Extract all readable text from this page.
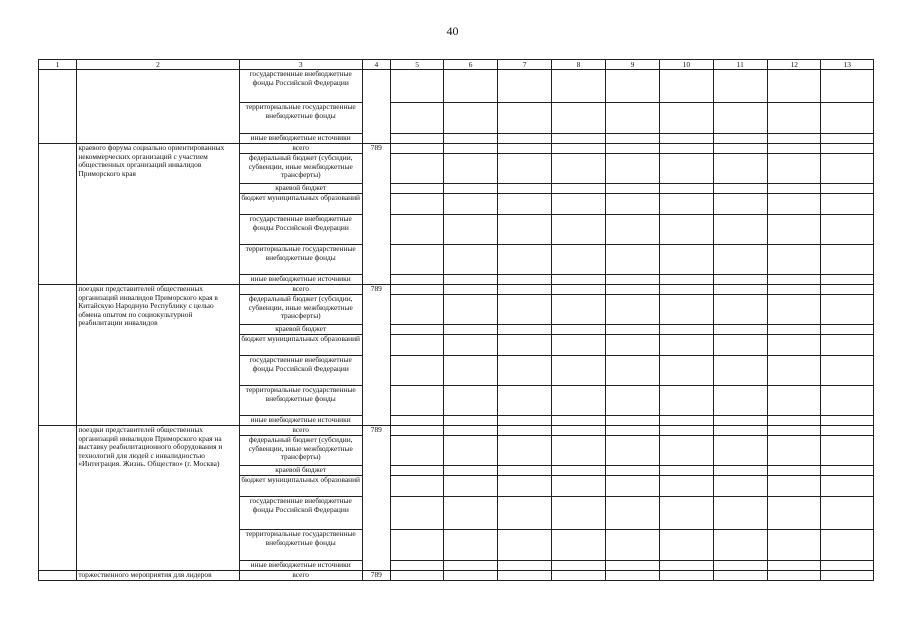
40
1	2	3	4	5	6	7	8	9	10	11	12	13
		государственные внебюджетные фонды Российской Федерации										
		территориальные государственные внебюджетные фонды										
		иные внебюджетные источники										
	краевого форума социально ориентированных некоммерческих организаций с участием общественных организаций инвалидов Приморского края	всего	789									
		федеральный бюджет (субсидии, субвенции, иные межбюджетные трансферты)										
		краевой бюджет										
		бюджет муниципальных образований										
		государственные внебюджетные фонды Российской Федерации										
		территориальные государственные внебюджетные фонды										
		иные внебюджетные источники										
	поездки представителей общественных организаций инвалидов Приморского края в Китайскую Народную Республику с целью обмена опытом по социокультурной реабилитации инвалидов	всего	789									
		федеральный бюджет (субсидии, субвенции, иные межбюджетные трансферты)										
		краевой бюджет										
		бюджет муниципальных образований										
		государственные внебюджетные фонды Российской Федерации										
		территориальные государственные внебюджетные фонды										
		иные внебюджетные источники										
	поездки представителей общественных организаций инвалидов Приморского края на выставку реабилитационного оборудования и технологий для людей с инвалидностью «Интеграция. Жизнь. Общество» (г. Москва)	всего	789									
		федеральный бюджет (субсидии, субвенции, иные межбюджетные трансферты)										
		краевой бюджет										
		бюджет муниципальных образований										
		государственные внебюджетные фонды Российской Федерации										
		территориальные государственные внебюджетные фонды										
		иные внебюджетные источники										
	торжественного мероприятия для лидеров	всего	789									
